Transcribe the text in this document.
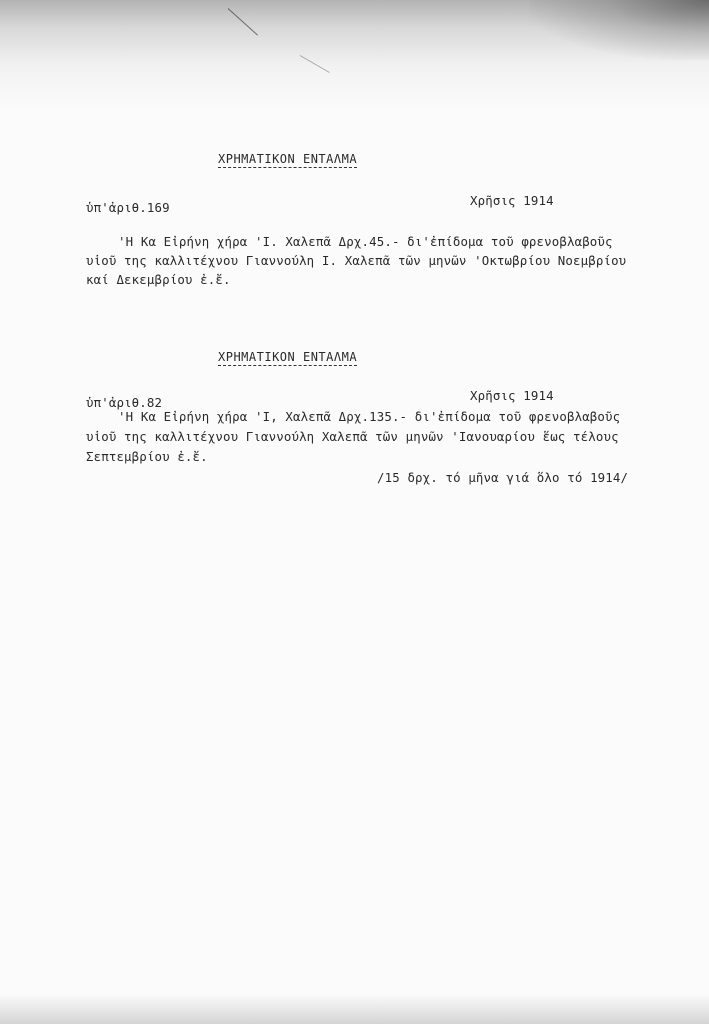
ΧΡΗΜΑΤΙΚΟΝ ΕΝΤΑΛΜΑ
ὑπ'ἀριθ.169	Χρῆσις 1914
'Η Κα Εἰρήνη χήρα 'Ι. Χαλεπᾶ Δρχ.45.- δι'ἐπίδομα τοῦ φρενοβλαβοῦς
υἱοῦ της καλλιτέχνου Γιαννούλη Ι. Χαλεπᾶ τῶν μηνῶν 'Οκτωβρίου Νοεμβρίου
καί Δεκεμβρίου ἐ.ἔ.
ΧΡΗΜΑΤΙΚΟΝ ΕΝΤΑΛΜΑ
ὑπ'ἀριθ.82	Χρῆσις 1914
'Η Κα Εἰρήνη χήρα 'Ι, Χαλεπᾶ Δρχ.135.- δι'ἐπίδομα τοῦ φρενοβλαβοῦς
υἱοῦ της καλλιτέχνου Γιαννούλη Χαλεπᾶ τῶν μηνῶν 'Ιανουαρίου ἕως τέλους
Σεπτεμβρίου ἐ.ἔ.
/15 δρχ. τό μῆνα γιά ὅλο τό 1914/
